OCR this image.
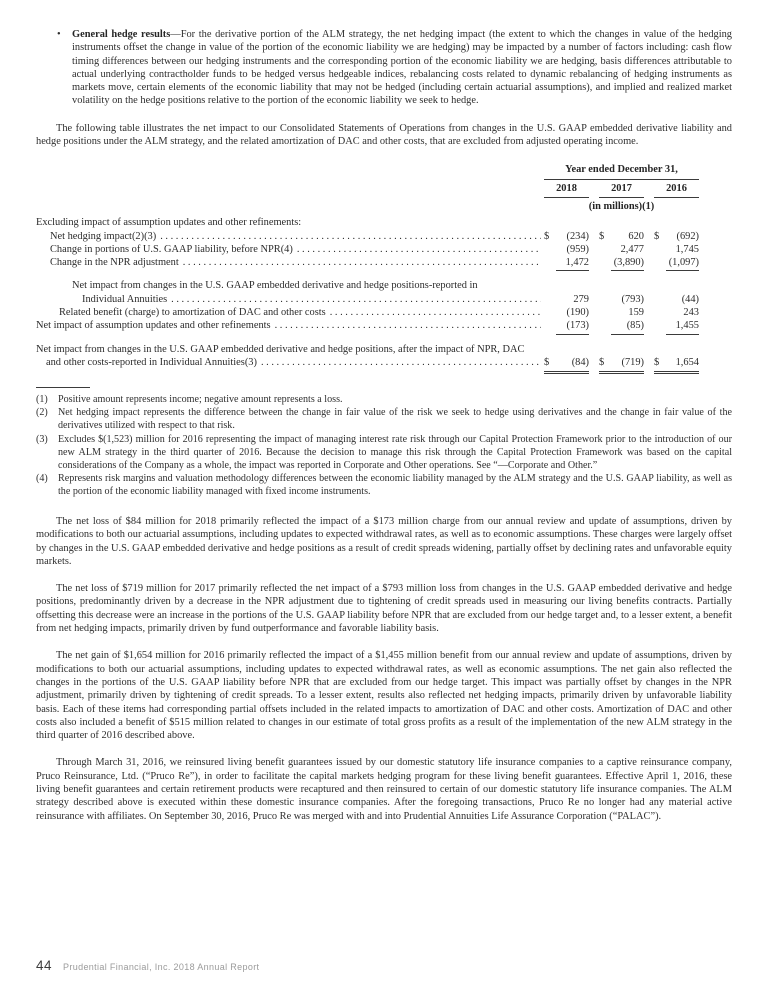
•	General hedge results—For the derivative portion of the ALM strategy, the net hedging impact (the extent to which the changes in value of the hedging instruments offset the change in value of the portion of the economic liability we are hedging) may be impacted by a number of factors including: cash flow timing differences between our hedging instruments and the corresponding portion of the economic liability we are hedging, basis differences attributable to actual underlying contractholder funds to be hedged versus hedgeable indices, rebalancing costs related to dynamic rebalancing of hedging instruments as markets move, certain elements of the economic liability that may not be hedged (including certain actuarial assumptions), and implied and realized market volatility on the hedge positions relative to the portion of the economic liability we seek to hedge.

The following table illustrates the net impact to our Consolidated Statements of Operations from changes in the U.S. GAAP embedded derivative liability and hedge positions under the ALM strategy, and the related amortization of DAC and other costs, that are excluded from adjusted operating income.

Year ended December 31,
2018	2017	2016
(in millions)(1)
Excluding impact of assumption updates and other refinements:
Net hedging impact(2)(3) .....	$ (234) $ 620 $ (692)
Change in portions of U.S. GAAP liability, before NPR(4) .....	(959)	2,477	1,745
Change in the NPR adjustment .....	1,472 (3,890) (1,097)
Net impact from changes in the U.S. GAAP embedded derivative and hedge positions-reported in
Individual Annuities .....	279	(793)	(44)
Related benefit (charge) to amortization of DAC and other costs .....	(190)	159	243
Net impact of assumption updates and other refinements .....	(173)	(85)	1,455
Net impact from changes in the U.S. GAAP embedded derivative and hedge positions, after the impact of NPR, DAC
and other costs-reported in Individual Annuities(3) .....	$ (84) $ (719) $ 1,654
(1)	Positive amount represents income; negative amount represents a loss.
(2)	Net hedging impact represents the difference between the change in fair value of the risk we seek to hedge using derivatives and the change in fair value of the derivatives utilized with respect to that risk.
(3)	Excludes $(1,523) million for 2016 representing the impact of managing interest rate risk through our Capital Protection Framework prior to the introduction of our new ALM strategy in the third quarter of 2016. Because the decision to manage this risk through the Capital Protection Framework was based on the capital considerations of the Company as a whole, the impact was reported in Corporate and Other operations. See “—Corporate and Other.”
(4)	Represents risk margins and valuation methodology differences between the economic liability managed by the ALM strategy and the U.S. GAAP liability, as well as the portion of the economic liability managed with fixed income instruments.

The net loss of $84 million for 2018 primarily reflected the impact of a $173 million charge from our annual review and update of assumptions, driven by modifications to both our actuarial assumptions, including updates to expected withdrawal rates, as well as to economic assumptions. These charges were largely offset by changes in the U.S. GAAP embedded derivative and hedge positions as a result of credit spreads widening, partially offset by declining rates and unfavorable equity markets.

The net loss of $719 million for 2017 primarily reflected the net impact of a $793 million loss from changes in the U.S. GAAP embedded derivative and hedge positions, predominantly driven by a decrease in the NPR adjustment due to tightening of credit spreads used in measuring our living benefits contracts. Partially offsetting this decrease were an increase in the portions of the U.S. GAAP liability before NPR that are excluded from our hedge target and, to a lesser extent, a benefit from net hedging impacts, primarily driven by fund outperformance and favorable liability basis.

The net gain of $1,654 million for 2016 primarily reflected the impact of a $1,455 million benefit from our annual review and update of assumptions, driven by modifications to both our actuarial assumptions, including updates to expected withdrawal rates, as well as economic assumptions. The net gain also reflected the changes in the portions of the U.S. GAAP liability before NPR that are excluded from our hedge target. This impact was partially offset by changes in the NPR adjustment, primarily driven by tightening of credit spreads. To a lesser extent, results also reflected net hedging impacts, primarily driven by unfavorable liability basis. Each of these items had corresponding partial offsets included in the related impacts to amortization of DAC and other costs. Amortization of DAC and other costs also included a benefit of $515 million related to changes in our estimate of total gross profits as a result of the implementation of the new ALM strategy in the third quarter of 2016 described above.

Through March 31, 2016, we reinsured living benefit guarantees issued by our domestic statutory life insurance companies to a captive reinsurance company, Pruco Reinsurance, Ltd. (“Pruco Re”), in order to facilitate the capital markets hedging program for these living benefit guarantees. Effective April 1, 2016, these living benefit guarantees and certain retirement products were recaptured and then reinsured to certain of our domestic statutory life insurance companies. The ALM strategy described above is executed within these domestic insurance companies. After the foregoing transactions, Pruco Re no longer had any material active reinsurance with affiliates. On September 30, 2016, Pruco Re was merged with and into Prudential Annuities Life Assurance Corporation (“PALAC”).

44 Prudential Financial, Inc. 2018 Annual Report
